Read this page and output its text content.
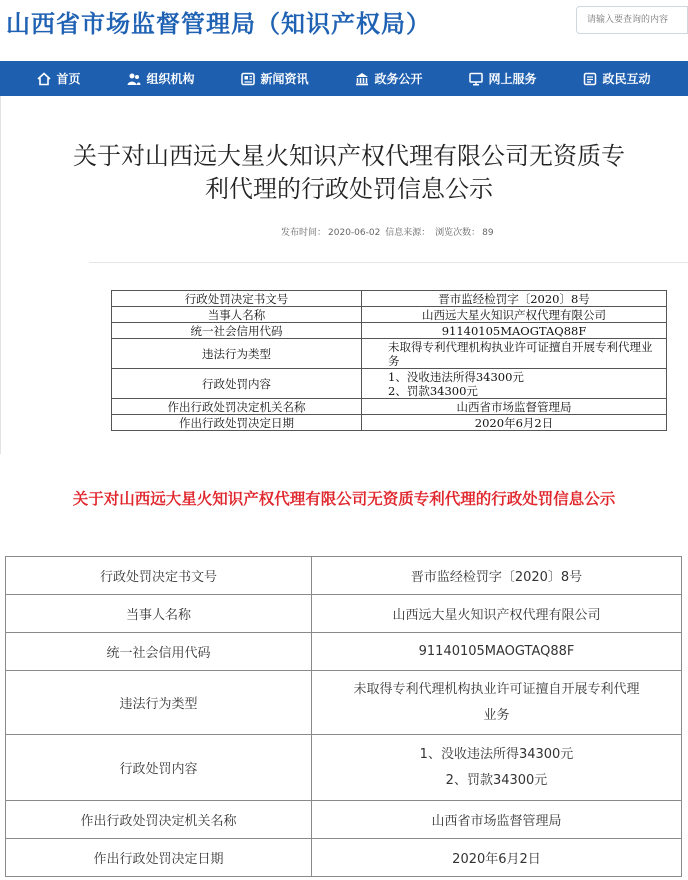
山西省市场监督管理局（知识产权局）
请输入要查询的内容
首页	组织机构	新闻资讯	政务公开	网上服务	政民互动
关于对山西远大星火知识产权代理有限公司无资质专
利代理的行政处罚信息公示
发布时间： 2020-06-02 信息来源： 浏览次数： 89
行政处罚决定书文号	晋市监经检罚字〔2020〕8号
当事人名称	山西远大星火知识产权代理有限公司
统一社会信用代码	91140105MAOGTAQ88F
违法行为类型	未取得专利代理机构执业许可证擅自开展专利代理业务
行政处罚内容	1、没收违法所得34300元
2、罚款34300元

作出行政处罚决定机关名称	山西省市场监督管理局
作出行政处罚决定日期	2020年6月2日
关于对山西远大星火知识产权代理有限公司无资质专利代理的行政处罚信息公示
行政处罚决定书文号	晋市监经检罚字〔2020〕8号
当事人名称	山西远大星火知识产权代理有限公司
统一社会信用代码	91140105MAOGTAQ88F
违法行为类型	未取得专利代理机构执业许可证擅自开展专利代理
业务

行政处罚内容	1、没收违法所得34300元
2、罚款34300元

作出行政处罚决定机关名称	山西省市场监督管理局
作出行政处罚决定日期	2020年6月2日
